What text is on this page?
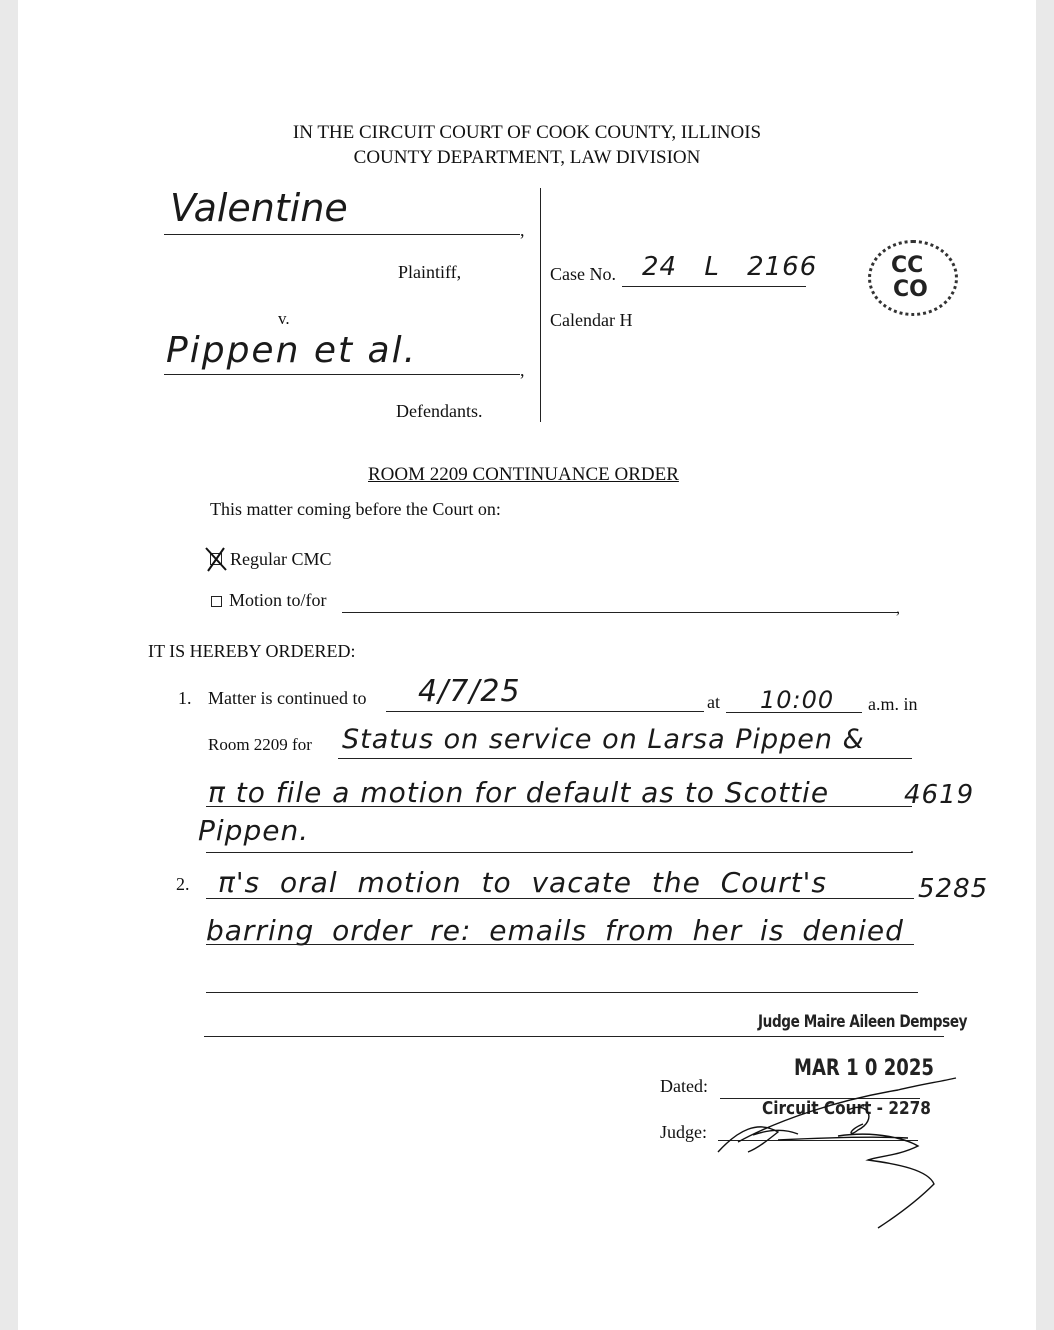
IN THE CIRCUIT COURT OF COOK COUNTY, ILLINOIS
COUNTY DEPARTMENT, LAW DIVISION
Valentine	,
Plaintiff,
v.
Pippen et al.	,
Defendants.
Case No. 24 L 2166
Calendar H
CC
CO
ROOM 2209 CONTINUANCE ORDER
This matter coming before the Court on:
Regular CMC
Motion to/for	,
IT IS HEREBY ORDERED:
1. Matter is continued to 4/7/25	at 10:00 a.m. in
Room 2209 for Status on service on Larsa Pippen &
π to file a motion for default as to Scottie	4619
Pippen.
.
2. π's oral motion to vacate the Court's	5285
barring order re: emails from her is denied
Judge Maire Aileen Dempsey
Dated:
MAR 1 0 2025
Circuit Court - 2278
Judge:
